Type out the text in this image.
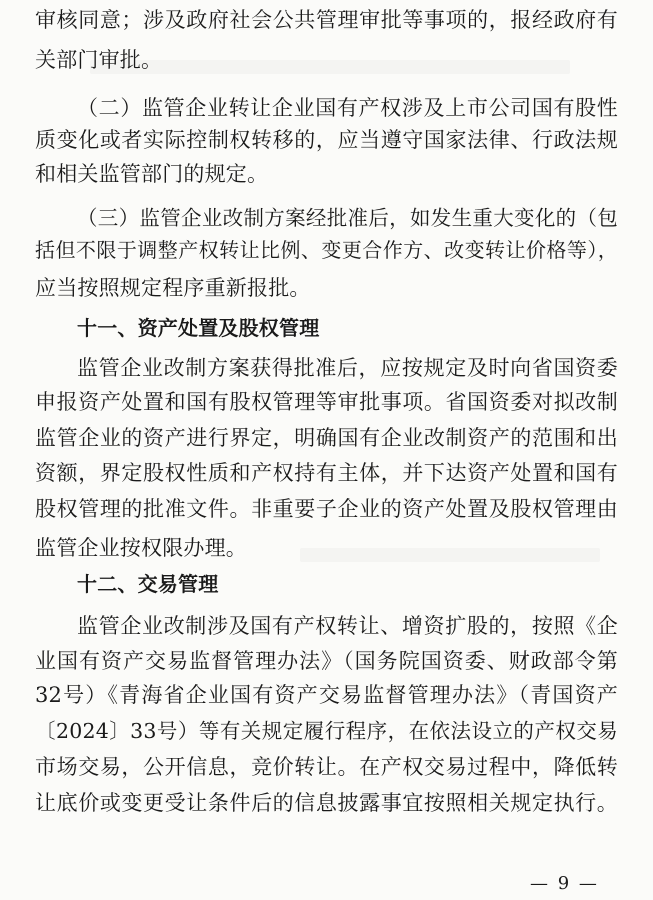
审核同意；涉及政府社会公共管理审批等事项的，报经政府有
关部门审批。
（二）监管企业转让企业国有产权涉及上市公司国有股性
质变化或者实际控制权转移的，应当遵守国家法律、行政法规
和相关监管部门的规定。
（三）监管企业改制方案经批准后，如发生重大变化的（包
括但不限于调整产权转让比例、变更合作方、改变转让价格等），
应当按照规定程序重新报批。
十一、资产处置及股权管理
监管企业改制方案获得批准后，应按规定及时向省国资委
申报资产处置和国有股权管理等审批事项。省国资委对拟改制
监管企业的资产进行界定，明确国有企业改制资产的范围和出
资额，界定股权性质和产权持有主体，并下达资产处置和国有
股权管理的批准文件。非重要子企业的资产处置及股权管理由
监管企业按权限办理。
十二、交易管理
监管企业改制涉及国有产权转让、增资扩股的，按照《企
业国有资产交易监督管理办法》（国务院国资委、财政部令第
32号）《青海省企业国有资产交易监督管理办法》（青国资产
〔2024〕33号）等有关规定履行程序，在依法设立的产权交易
市场交易，公开信息，竞价转让。在产权交易过程中，降低转
让底价或变更受让条件后的信息披露事宜按照相关规定执行。
— 9 —
